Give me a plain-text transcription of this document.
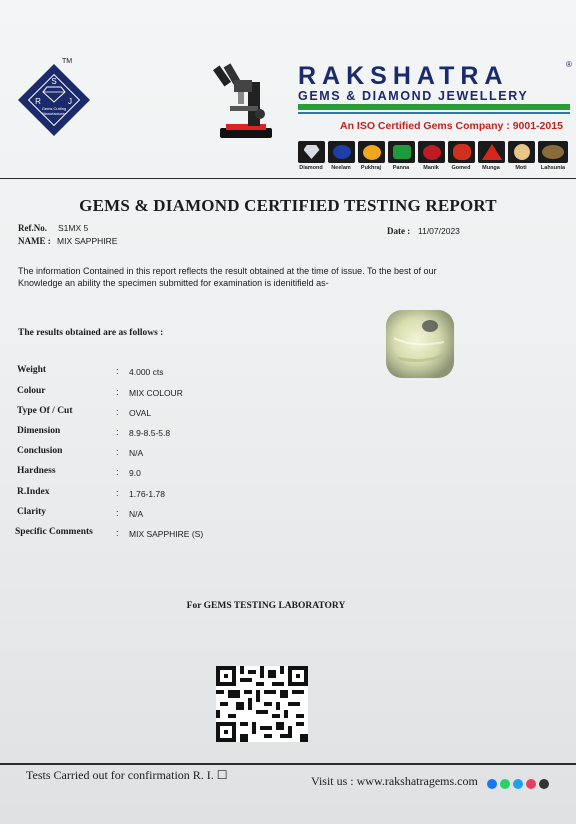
S
R	J
Gems Cutting Manufacturer
TM
RAKSHATRA	®
GEMS & DIAMOND JEWELLERY
An ISO Certified Gems Company : 9001-2015
Diamond	Neelam	Pukhraj	Panna	Manik	Gomed	Munga	Moti	Lahsunia
GEMS & DIAMOND CERTIFIED TESTING REPORT
Ref.No. S1MX 5
NAME : MIX SAPPHIRE
Date : 11/07/2023
The information Contained in this report reflects the result obtained at the time of issue. To the best of our
Knowledge an ability the specimen submitted for examination is idenitifield as-
The results obtained are as follows :
Weight	: 4.000 cts
Colour	: MIX COLOUR
Type Of / Cut	: OVAL
Dimension	: 8.9-8.5-5.8
Conclusion	: N/A
Hardness	: 9.0
R.Index	: 1.76-1.78
Clarity	: N/A
Specific Comments	: MIX SAPPHIRE (S)
For GEMS TESTING LABORATORY
Tests Carried out for confirmation R. I. ☐	Visit us : www.rakshatragems.com
